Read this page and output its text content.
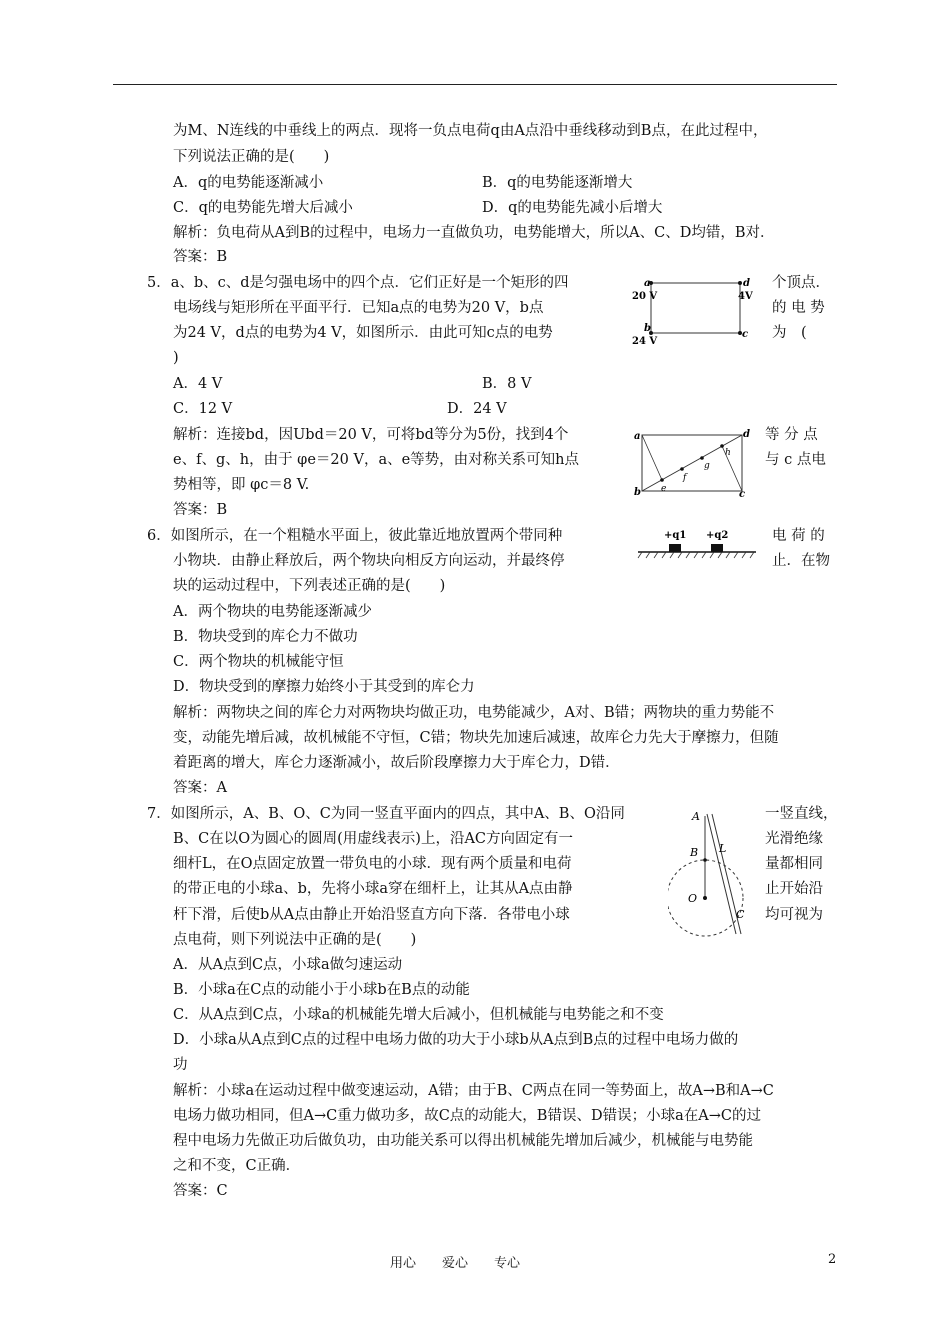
为M、N连线的中垂线上的两点．现将一负点电荷q由A点沿中垂线移动到B点，在此过程中，
下列说法正确的是(　　)
A．q的电势能逐渐减小	B．q的电势能逐渐增大
C．q的电势能先增大后减小	D．q的电势能先减小后增大
解析：负电荷从A到B的过程中，电场力一直做负功，电势能增大，所以A、C、D均错，B对．
答案：B
5．a、b、c、d是匀强电场中的四个点．它们正好是一个矩形的四	个顶点．
电场线与矩形所在平面平行．已知a点的电势为20 V，b点	的 电 势
为24 V，d点的电势为4 V，如图所示．由此可知c点的电势	为　(
)
a
20 V
d
4V
b
24 V
c
A．4 V	B．8 V
C．12 V	D．24 V
解析：连接bd，因Ubd＝20 V，可将bd等分为5份，找到4个	等 分 点
e、f、g、h，由于 φe＝20 V，a、e等势，由对称关系可知h点	与 c 点电
势相等，即 φc＝8 V.
答案：B
a	d
b	c
e
f
g
h
6．如图所示，在一个粗糙水平面上，彼此靠近地放置两个带同种	电 荷 的
小物块．由静止释放后，两个物块向相反方向运动，并最终停	止．在物
块的运动过程中，下列表述正确的是(　　)
+q1 +q2
A．两个物块的电势能逐渐减少
B．物块受到的库仑力不做功
C．两个物块的机械能守恒
D．物块受到的摩擦力始终小于其受到的库仑力
解析：两物块之间的库仑力对两物块均做正功，电势能减少，A对、B错；两物块的重力势能不
变，动能先增后减，故机械能不守恒，C错；物块先加速后减速，故库仑力先大于摩擦力，但随
着距离的增大，库仑力逐渐减小，故后阶段摩擦力大于库仑力，D错．
答案：A
7．如图所示，A、B、O、C为同一竖直平面内的四点，其中A、B、O沿同	一竖直线，
B、C在以O为圆心的圆周(用虚线表示)上，沿AC方向固定有一	光滑绝缘
细杆L，在O点固定放置一带负电的小球．现有两个质量和电荷	量都相同
的带正电的小球a、b，先将小球a穿在细杆上，让其从A点由静	止开始沿
杆下滑，后使b从A点由静止开始沿竖直方向下落．各带电小球	均可视为
点电荷，则下列说法中正确的是(　　)
A
B L
O
C
A．从A点到C点，小球a做匀速运动
B．小球a在C点的动能小于小球b在B点的动能
C．从A点到C点，小球a的机械能先增大后减小，但机械能与电势能之和不变
D．小球a从A点到C点的过程中电场力做的功大于小球b从A点到B点的过程中电场力做的
功
解析：小球a在运动过程中做变速运动，A错；由于B、C两点在同一等势面上，故A→B和A→C
电场力做功相同，但A→C重力做功多，故C点的动能大，B错误、D错误；小球a在A→C的过
程中电场力先做正功后做负功，由功能关系可以得出机械能先增加后减少，机械能与电势能
之和不变，C正确．
答案：C
用心　　爱心　　专心	2
